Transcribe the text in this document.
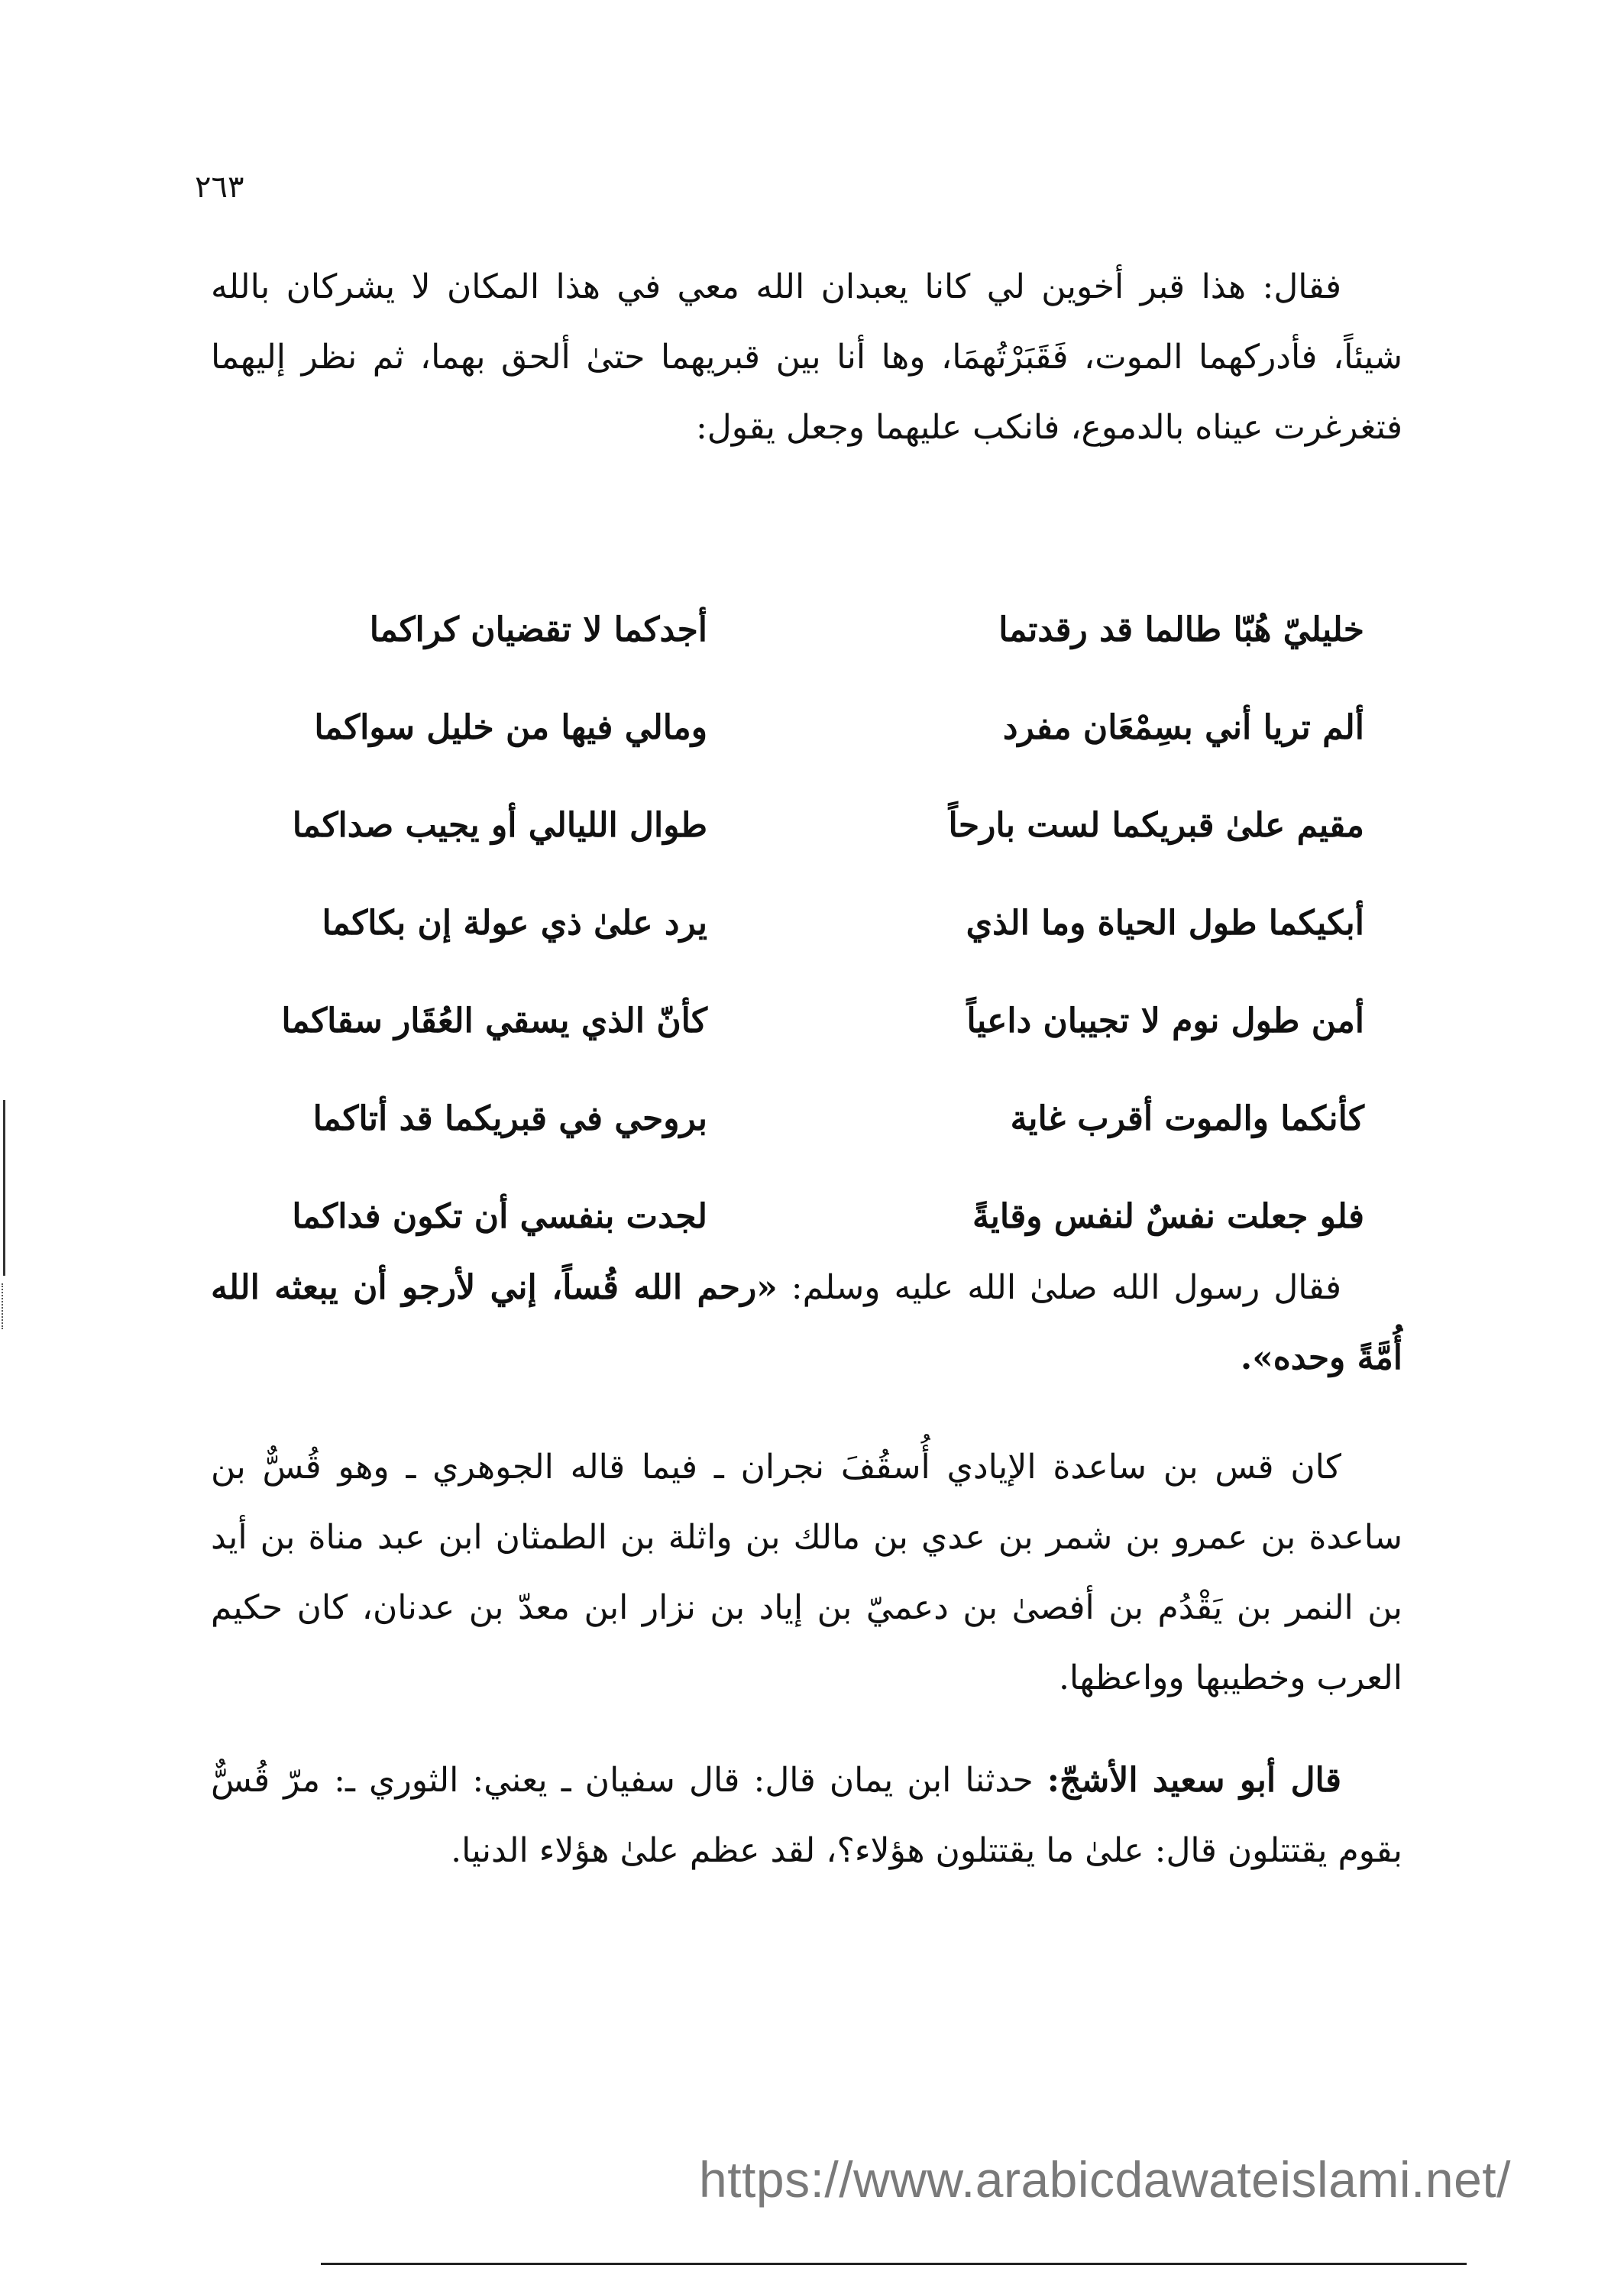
٢٦٣

فقال: هذا قبر أخوين لي كانا يعبدان الله معي في هذا المكان لا يشركان بالله شيئاً، فأدركهما الموت، فَقَبَرْتُهمَا، وها أنا بين قبريهما حتىٰ ألحق بهما، ثم نظر إليهما فتغرغرت عيناه بالدموع، فانكب عليهما وجعل يقول:

خليليّ هُبّا طالما قد رقدتما
أجدكما لا تقضيان كراكما
ألم تريا أني بسِمْعَان مفرد
ومالي فيها من خليل سواكما
مقيم علىٰ قبريكما لست بارحاً
طوال الليالي أو يجيب صداكما
أبكيكما طول الحياة وما الذي
يرد علىٰ ذي عولة إن بكاكما
أمن طول نوم لا تجيبان داعياً
كأنّ الذي يسقي العُقَار سقاكما
كأنكما والموت أقرب غاية
بروحي في قبريكما قد أتاكما
فلو جعلت نفسٌ لنفس وقايةً
لجدت بنفسي أن تكون فداكما

فقال رسول الله صلىٰ الله عليه وسلم: «رحم الله قُساً، إني لأرجو أن يبعثه الله أُمَّةً وحده».

كان قس بن ساعدة الإيادي أُسقُفَ نجران ـ فيما قاله الجوهري ـ وهو قُسٌّ بن ساعدة بن عمرو بن شمر بن عدي بن مالك بن واثلة بن الطمثان ابن عبد مناة بن أيد بن النمر بن يَقْدُم بن أفصىٰ بن دعميّ بن إياد بن نزار ابن معدّ بن عدنان، كان حكيم العرب وخطيبها وواعظها.

قال أبو سعيد الأشجّ: حدثنا ابن يمان قال: قال سفيان ـ يعني: الثوري ـ: مرّ قُسٌّ بقوم يقتتلون قال: علىٰ ما يقتتلون هؤلاء؟، لقد عظم علىٰ هؤلاء الدنيا.

https://www.arabicdawateislami.net/
